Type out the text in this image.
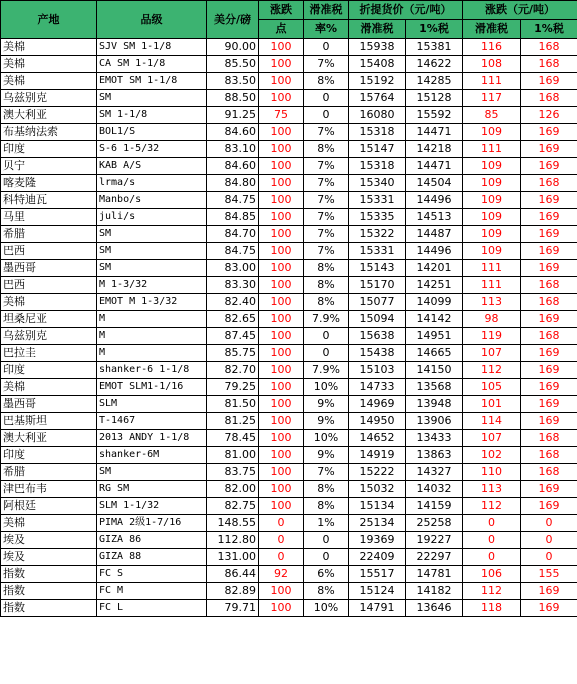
产地	品级	美分/磅	涨跌	滑准税	折提货价（元/吨）		涨跌（元/吨）	
			点	率%	滑准税	1%税	滑准税	1%税
美棉	SJV SM 1-1/8	90.00	100	0	15938	15381	116	168
美棉	CA SM 1-1/8	85.50	100	7%	15408	14622	108	168
美棉	EMOT SM 1-1/8	83.50	100	8%	15192	14285	111	169
乌兹别克	SM	88.50	100	0	15764	15128	117	168
澳大利亚	SM 1-1/8	91.25	75	0	16080	15592	85	126
布基纳法索	BOL1/S	84.60	100	7%	15318	14471	109	169
印度	S-6 1-5/32	83.10	100	8%	15147	14218	111	169
贝宁	KAB A/S	84.60	100	7%	15318	14471	109	169
喀麦隆	lrma/s	84.80	100	7%	15340	14504	109	168
科特迪瓦	Manbo/s	84.75	100	7%	15331	14496	109	169
马里	juli/s	84.85	100	7%	15335	14513	109	169
希腊	SM	84.70	100	7%	15322	14487	109	169
巴西	SM	84.75	100	7%	15331	14496	109	169
墨西哥	SM	83.00	100	8%	15143	14201	111	169
巴西	M 1-3/32	83.30	100	8%	15170	14251	111	168
美棉	EMOT M 1-3/32	82.40	100	8%	15077	14099	113	168
坦桑尼亚	M	82.65	100	7.9%	15094	14142	98	169
乌兹别克	M	87.45	100	0	15638	14951	119	168
巴拉圭	M	85.75	100	0	15438	14665	107	169
印度	shanker-6 1-1/8	82.70	100	7.9%	15103	14150	112	169
美棉	EMOT SLM1-1/16	79.25	100	10%	14733	13568	105	169
墨西哥	SLM	81.50	100	9%	14969	13948	101	169
巴基斯坦	T-1467	81.25	100	9%	14950	13906	114	169
澳大利亚	2013 ANDY 1-1/8	78.45	100	10%	14652	13433	107	168
印度	shanker-6M	81.00	100	9%	14919	13863	102	168
希腊	SM	83.75	100	7%	15222	14327	110	168
津巴布韦	RG SM	82.00	100	8%	15032	14032	113	169
阿根廷	SLM 1-1/32	82.75	100	8%	15134	14159	112	169
美棉	PIMA 2级1-7/16	148.55	0	1%	25134	25258	0	0
埃及	GIZA 86	112.80	0	0	19369	19227	0	0
埃及	GIZA 88	131.00	0	0	22409	22297	0	0
指数	FC S	86.44	92	6%	15517	14781	106	155
指数	FC M	82.89	100	8%	15124	14182	112	169
指数	FC L	79.71	100	10%	14791	13646	118	169
